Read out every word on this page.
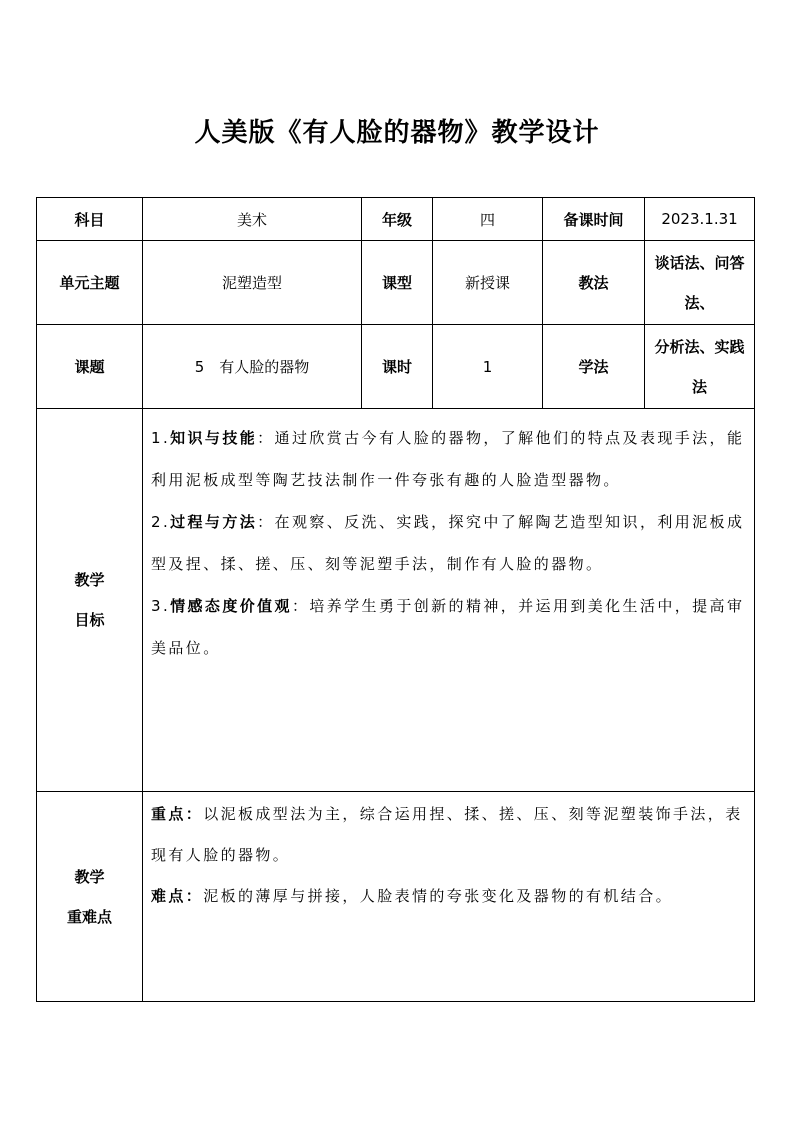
人美版《有人脸的器物》教学设计
科目	美术	年级	四	备课时间	2023.1.31
单元主题	泥塑造型	课型	新授课	教法	谈话法、问答法、
课题	5　有人脸的器物	课时	1	学法	分析法、实践法

教学
目标	1.知识与技能：通过欣赏古今有人脸的器物，了解他们的特点及表现手法，能利用泥板成型等陶艺技法制作一件夸张有趣的人脸造型器物。
2.过程与方法：在观察、反洗、实践，探究中了解陶艺造型知识，利用泥板成型及捏、揉、搓、压、刻等泥塑手法，制作有人脸的器物。
3.情感态度价值观：培养学生勇于创新的精神，并运用到美化生活中，提高审美品位。				

教学
重难点	重点：以泥板成型法为主，综合运用捏、揉、搓、压、刻等泥塑装饰手法，表现有人脸的器物。
难点：泥板的薄厚与拼接，人脸表情的夸张变化及器物的有机结合。				
